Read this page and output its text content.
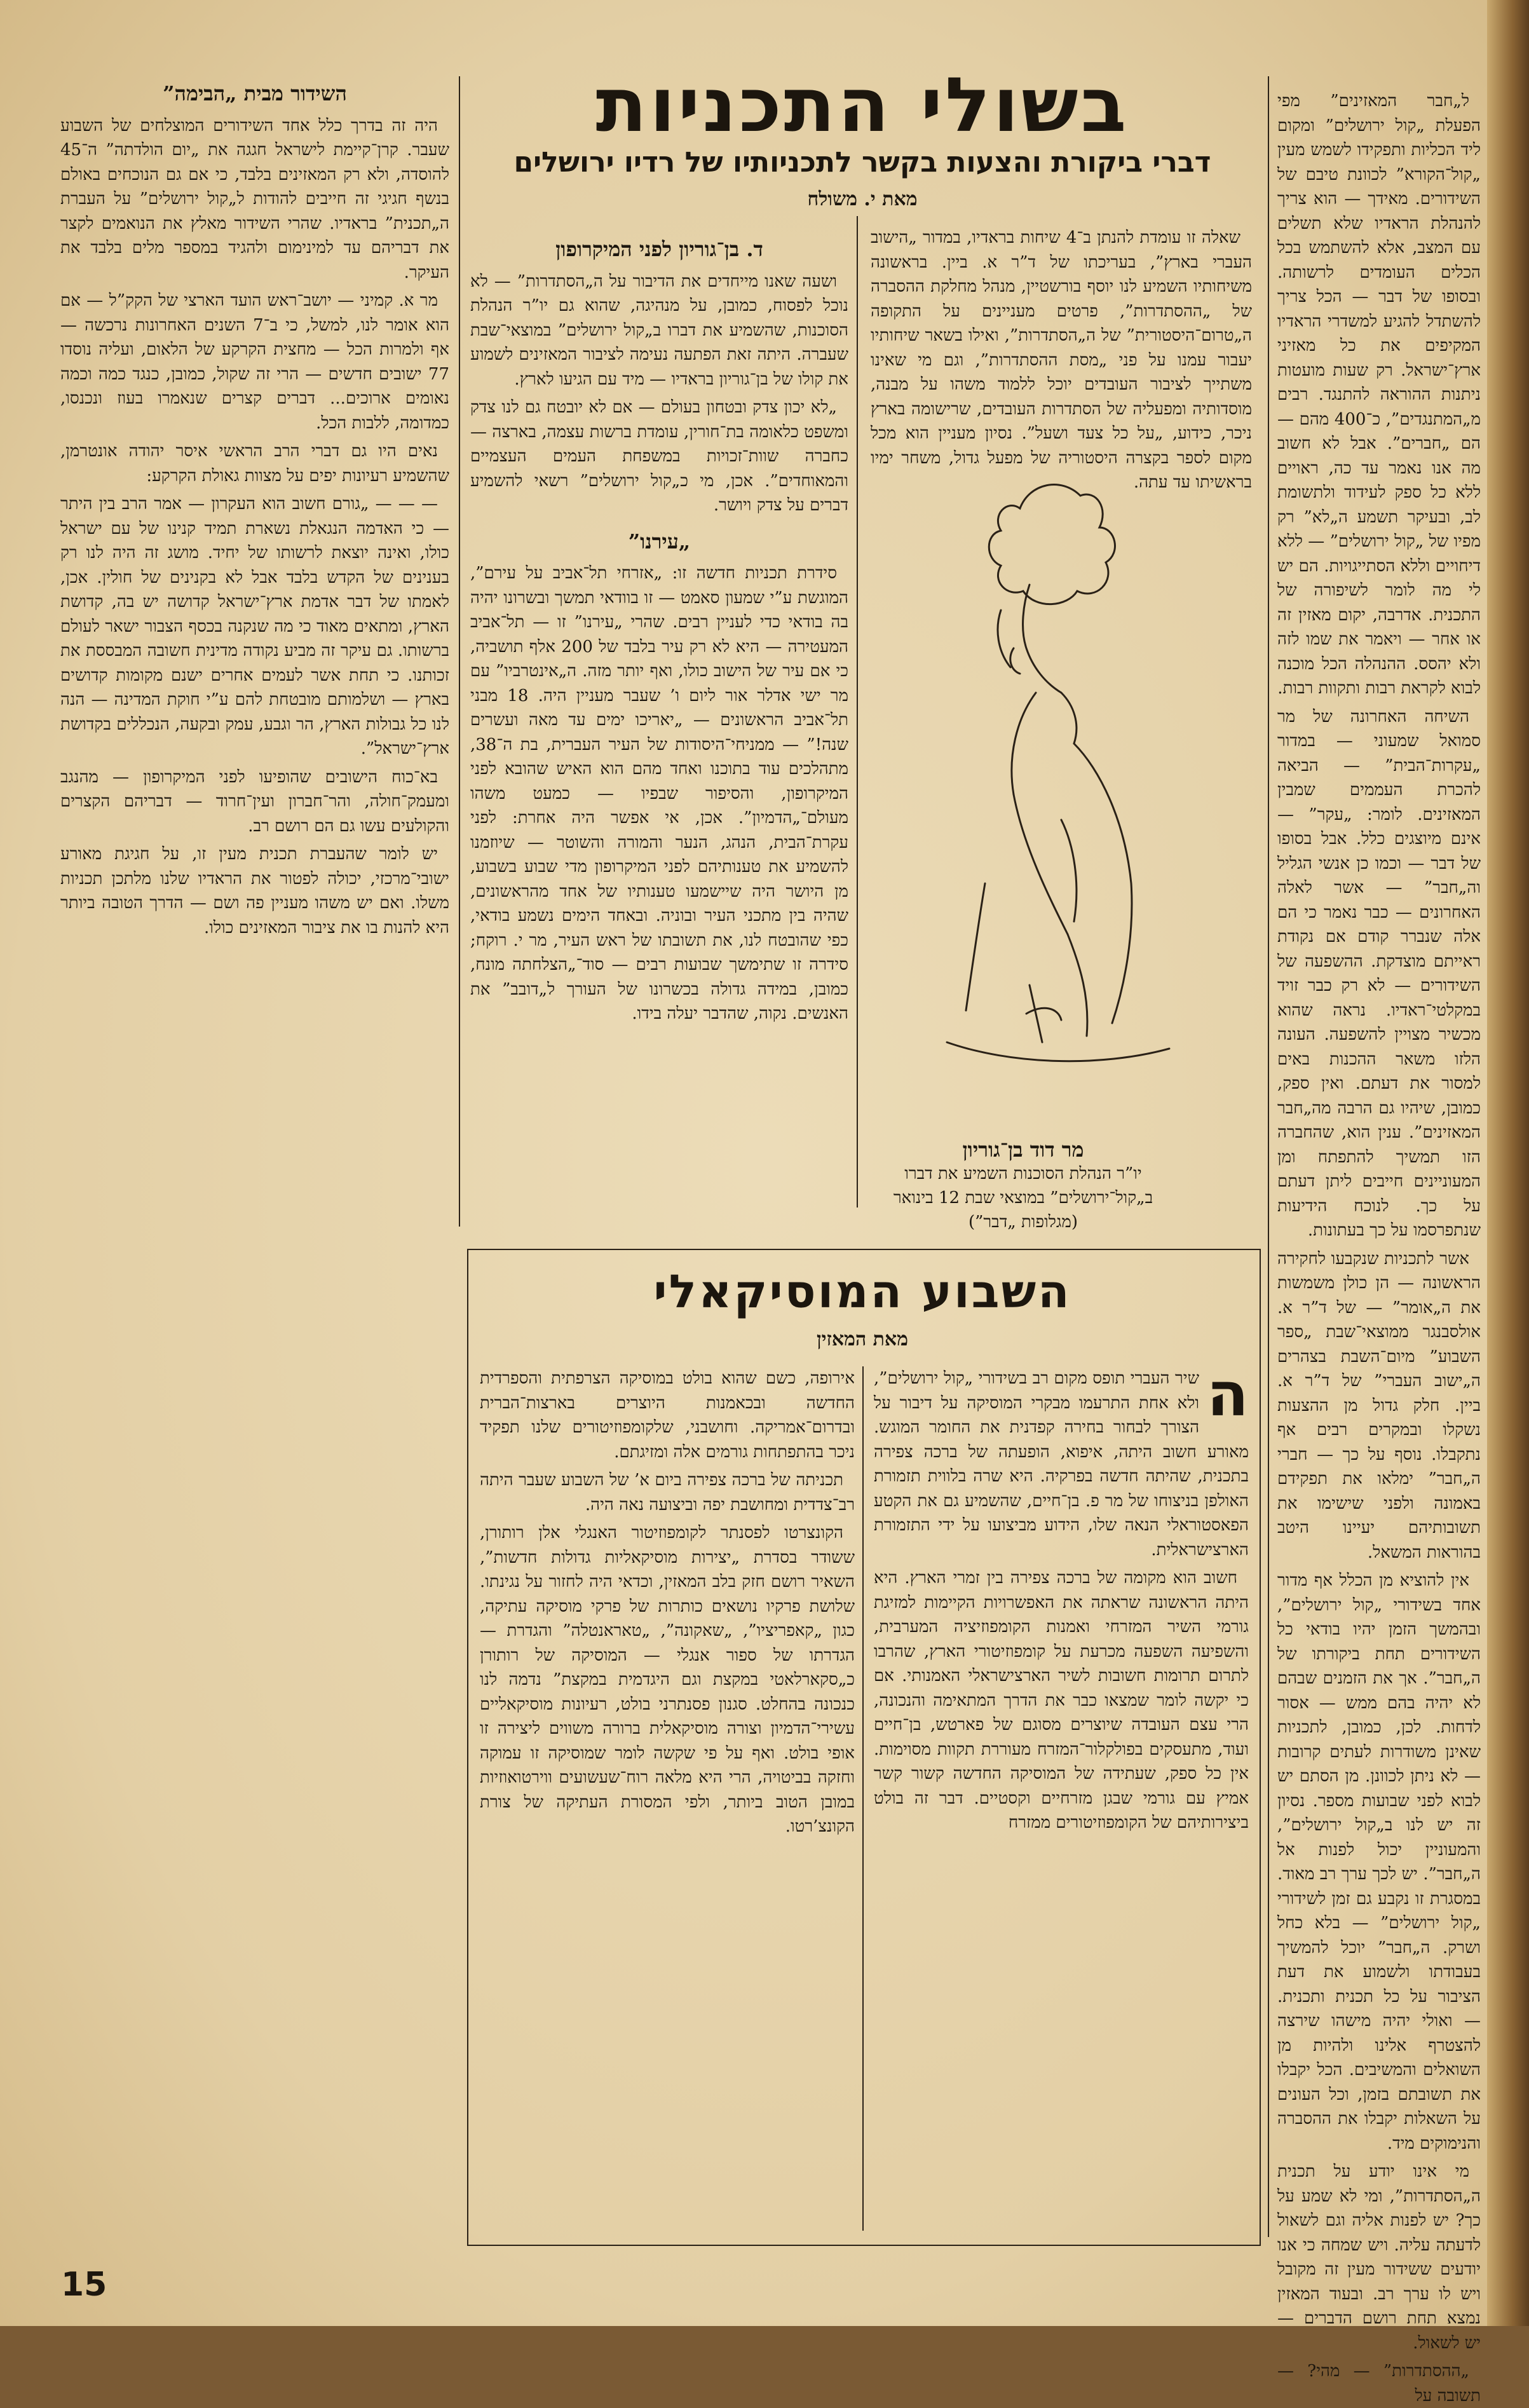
בשולי התכניות
דברי ביקורת והצעות בקשר לתכניותיו של רדיו ירושלים
מאת י. משולח

ל„חבר המאזינים” מפי הפעלת „קול ירושלים” ומקום ליד הכליות ותפקידו לשמש מעין „קול־הקורא” לכוונת טיבם של השידורים. מאידך — הוא צריך להנהלת הראדיו שלא תשלים עם המצב, אלא להשתמש בכל הכלים העומדים לרשותה. ובסופו של דבר — הכל צריך להשתדל להגיע למשדרי הראדיו המקיפים את כל מאזיני ארץ־ישראל. רק שעות מועטות ניתנות ההוראה להתנגד. רבים מ„המתנגדים”, כ־400 מהם — הם „חברים”. אבל לא חשוב מה אנו נאמר עד כה, ראויים ללא כל ספק לעידוד ולתשומת לב, ובעיקר תשמע ה„לא” רק מפיו של „קול ירושלים” — ללא דיחויים וללא הסתייגויות. הם יש לי מה לומר לשיפורה של התכנית. אדרבה, יקום מאזין זה או אחר — ויאמר את שמו לזה ולא יהסס. ההנהלה הכל מוכנה לבוא לקראת רבות ותקוות רבות.

השיחה האחרונה של מר סמואל שמעוני — במדור „עקרות־הבית” — הביאה להכרת העממים שמבין המאזינים. לומר: „עקר” — אינם מיוצגים כלל. אבל בסופו של דבר — וכמו כן אנשי הגליל וה„חבר” — אשר לאלה האחרונים — כבר נאמר כי הם אלה שנברר קודם אם נקודת ראייתם מוצדקת. ההשפעה של השידורים — לא רק כבר זויד במקלטי־ראדיו. נראה שהוא מכשיר מצויין להשפעה. העונה הלזו משאר ההכנות באים למסור את דעתם. ואין ספק, כמובן, שיהיו גם הרבה מה„חבר המאזינים”. ענין הוא, שהחברה הזו תמשיך להתפתח ומן המעוניינים חייבים ליתן דעתם על כך. לנוכח הידיעות שנתפרסמו על כך בעתונות.

אשר לתכניות שנקבעו לחקירה הראשונה — הן כולן משמשות את ה„אומר” — של ד”ר א. אולסבנגר ממוצאי־שבת „ספר השבוע” מיום־השבת בצהרים ה„ישוב העברי” של ד”ר א. ביין. חלק גדול מן ההצעות נשקלו ובמקרים רבים אף נתקבלו. נוסף על כך — חברי ה„חבר” ימלאו את תפקידם באמונה ולפני שישימו את תשובותיהם יעיינו היטב בהוראות המשאל.

אין להוציא מן הכלל אף מדור אחד בשידורי „קול ירושלים”, ובהמשך הזמן יהיו בודאי כל השידורים תחת ביקורתו של ה„חבר”. אך את הזמנים שבהם לא יהיה בהם ממש — אסור לדחות. לכן, כמובן, לתכניות שאינן משודרות לעתים קרובות — לא ניתן לכוונן. מן הסתם יש לבוא לפני שבועות מספר. נסיון זה יש לנו ב„קול ירושלים”, והמעוניין יכול לפנות אל ה„חבר”. יש לכך ערך רב מאוד. במסגרת זו נקבע גם זמן לשידורי „קול ירושלים” — בלא כחל ושרק. ה„חבר” יוכל להמשיך בעבודתו ולשמוע את דעת הציבור על כל תכנית ותכנית. — ואולי יהיה מישהו שירצה להצטרף אלינו ולהיות מן השואלים והמשיבים. הכל יקבלו את תשובתם בזמן, וכל העונים על השאלות יקבלו את ההסברה והנימוקים מיד.

מי אינו יודע על תכנית ה„הסתדרות”, ומי לא שמע על כך? יש לפנות אליה וגם לשאול לדעתה עליה. ויש שמחה כי אנו יודעים ששידור מעין זה מקובל ויש לו ערך רב. ובעוד המאזין נמצא תחת רושם הדברים — יש לשאול.

„ההסתדרות” — מהי? — תשובה על

שאלה זו עומדת להנתן ב־4 שיחות בראדיו, במדור „הישוב העברי בארץ”, בעריכתו של ד”ר א. ביין. בראשונה משיחותיו השמיע לנו יוסף בורשטיין, מנהל מחלקת ההסברה של „ההסתדרות”, פרטים מעניינים על התקופה ה„טרום־היסטורית” של ה„הסתדרות”, ואילו בשאר שיחותיו יעבור עמנו על פני „מסת ההסתדרות”, וגם מי שאינו משתייך לציבור העובדים יוכל ללמוד משהו על מבנה, מוסדותיה ומפעליה של הסתדרות העובדים, שרישומה בארץ ניכר, כידוע, „על כל צעד ושעל”. נסיון מעניין הוא מכל מקום לספר בקצרה היסטוריה של מפעל גדול, משחר ימיו בראשיתו עד עתה.

ד. בן־גוריון לפני המיקרופון

ושעה שאנו מייחדים את הדיבור על ה„הסתדרות” — לא נוכל לפסוח, כמובן, על מנהיגה, שהוא גם יו”ר הנהלת הסוכנות, שהשמיע את דברו ב„קול ירושלים” במוצאי־שבת שעברה. היתה זאת הפתעה נעימה לציבור המאזינים לשמוע את קולו של בן־גוריון בראדיו — מיד עם הגיעו לארץ.

„לא יכון צדק ובטחון בעולם — אם לא יובטח גם לנו צדק ומשפט כלאומה בת־חורין, עומדת ברשות עצמה, בארצה — כחברה שוות־זכויות במשפחת העמים העצמיים והמאוחדים”. אכן, מי כ„קול ירושלים” רשאי להשמיע דברים על צדק ויושר.

„עירנו”

סידרת תכניות חדשה זו: „אזרחי תל־אביב על עירם”, המוגשת ע”י שמעון סאמט — זו בוודאי תמשך ובשרונו יהיה בה בודאי כדי לעניין רבים. שהרי „עירנו” זו — תל־אביב המעטירה — היא לא רק עיר בלבד של 200 אלף תושביה, כי אם עיר של הישוב כולו, ואף יותר מזה. ה„אינטרביו” עם מר ישי אדלר אור ליום ו’ שעבר מעניין היה. 18 מבני תל־אביב הראשונים — „יאריכו ימים עד מאה ועשרים שנה!” — ממניחי־היסודות של העיר העברית, בת ה־38, מתהלכים עוד בתוכנו ואחד מהם הוא האיש שהובא לפני המיקרופון, והסיפור שבפיו — כמעט משהו מעולם־„הדמיון”. אכן, אי אפשר היה אחרת: לפני עקרת־הבית, הנהג, הנער והמורה והשוטר — שיוזמנו להשמיע את טענותיהם לפני המיקרופון מדי שבוע בשבוע, מן היושר היה שיישמעו טענותיו של אחד מהראשונים, שהיה בין מתכני העיר ובוניה. ובאחד הימים נשמע בודאי, כפי שהובטח לנו, את תשובתו של ראש העיר, מר י. רוקח; סידרה זו שתימשך שבועות רבים — סוד־„הצלחתה מונח, כמובן, במידה גדולה בכשרונו של העורך ל„דובב” את האנשים. נקוה, שהדבר יעלה בידו.

השידור מבית „הבימה”

היה זה בדרך כלל אחד השידורים המוצלחים של השבוע שעבר. קרן־קיימת לישראל חגגה את „יום הולדתה” ה־45 להוסדה, ולא רק המאזינים בלבד, כי אם גם הנוכחים באולם בנשף חגיגי זה חייבים להודות ל„קול ירושלים” על העברת ה„תכנית” בראדיו. שהרי השידור מאלץ את הנואמים לקצר את דבריהם עד למינימום ולהגיד במספר מלים בלבד את העיקר.

מר א. קמיני — יושב־ראש הועד הארצי של הקק”ל — אם הוא אומר לנו, למשל, כי ב־7 השנים האחרונות נרכשה — אף ולמרות הכל — מחצית הקרקע של הלאום, ועליה נוסדו 77 ישובים חדשים — הרי זה שקול, כמובן, כנגד כמה וכמה נאומים ארוכים... דברים קצרים שנאמרו בעוז ונכנסו, כמדומה, ללבות הכל.

נאים היו גם דברי הרב הראשי איסר יהודה אונטרמן, שהשמיע רעיונות יפים על מצוות גאולת הקרקע:

— — — „גורם חשוב הוא העקרון — אמר הרב בין היתר — כי האדמה הנגאלת נשארת תמיד קנינו של עם ישראל כולו, ואינה יוצאת לרשותו של יחיד. מושג זה היה לנו רק בענינים של הקדש בלבד אבל לא בקנינים של חולין. אכן, לאמתו של דבר אדמת ארץ־ישראל קדושה יש בה, קדושת הארץ, ומתאים מאוד כי מה שנקנה בכסף הצבור ישאר לעולם ברשותו. גם עיקר זה מביע נקודה מדינית חשובה המבססת את זכותנו. כי תחת אשר לעמים אחרים ישנם מקומות קדושים בארץ — ושלמותם מובטחת להם ע”י חוקת המדינה — הנה לנו כל גבולות הארץ, הר וגבע, עמק ובקעה, הנכללים בקדושת ארץ־ישראל”.

בא־כוח הישובים שהופיעו לפני המיקרופון — מהנגב ומעמק־חולה, והר־חברון ועין־חרוד — דבריהם הקצרים והקולעים עשו גם הם רושם רב.

יש לומר שהעברת תכנית מעין זו, על חגיגת מאורע ישובי־מרכזי, יכולה לפטור את הראדיו שלנו מלתכן תכניות משלו. ואם יש משהו מעניין פה ושם — הדרך הטובה ביותר היא להנות בו את ציבור המאזינים כולו.

מר דוד בן־גוריון
יו”ר הנהלת הסוכנות השמיע את דברו ב„קול־ירושלים” במוצאי שבת 12 בינואר
(מגלופות „דבר”)
השבוע המוסיקאלי
מאת המאזין

ה
שיר העברי תופס מקום רב בשידורי „קול ירושלים”, ולא אחת התרעמו מבקרי המוסיקה על דיבור על הצורך לבחור בחירה קפדנית את החומר המוגש. מאורע חשוב היתה, איפוא, הופעתה של ברכה צפירה בתכנית, שהיתה חדשה בפרקיה. היא שרה בלווית תזמורת האולפן בניצוחו של מר פ. בן־חיים, שהשמיע גם את הקטע הפאסטוראלי הנאה שלו, הידוע מביצועו על ידי התזמורת הארצישראלית.

חשוב הוא מקומה של ברכה צפירה בין זמרי הארץ. היא היתה הראשונה שראתה את האפשרויות הקיימות למזיגת גורמי השיר המזרחי ואמנות הקומפוזיציה המערבית, והשפיעה השפעה מכרעת על קומפוזיטורי הארץ, שהרבו לתרום תרומות חשובות לשיר הארצישראלי האמנותי. אם כי יקשה לומר שמצאו כבר את הדרך המתאימה והנכונה, הרי עצם העובדה שיוצרים מסוגם של פארטש, בן־חיים ועוד, מתעסקים בפולקלור־המזרח מעוררת תקוות מסוימות. אין כל ספק, שעתידה של המוסיקה החדשה קשור קשר אמיץ עם גורמי שבגן מזרחיים וקסטיים. דבר זה בולט ביצירותיהם של הקומפוזיטורים ממזרח

אירופה, כשם שהוא בולט במוסיקה הצרפתית והספרדית החדשה ובכאמנות היוצרים בארצות־הברית ובדרום־אמריקה. וחושבני, שלקומפוזיטורים שלנו תפקיד ניכר בהתפתחות גורמים אלה ומזיגתם.

תכניתה של ברכה צפירה ביום א’ של השבוע שעבר היתה רב־צדדית ומחושבת יפה וביצועה נאה היה.

הקונצרטו לפסנתר לקומפוזיטור האנגלי אלן רותורן, ששודר בסדרת „יצירות מוסיקאליות גדולות חדשות”, השאיר רושם חזק בלב המאזין, וכדאי היה לחזור על נגינתו. שלושת פרקיו נושאים כותרות של פרקי מוסיקה עתיקה, כגון „קאפריציו”, „שאקונה”, „טאראנטלה” והגדרת — הגדרתו של ספור אנגלי — המוסיקה של רותורן כ„סקארלאטי במקצת וגם היגדמית במקצת” נדמה לנו כנכונה בהחלט. סגנון פסנתרני בולט, רעיונות מוסיקאליים עשירי־הדמיון וצורה מוסיקאלית ברורה משווים ליצירה זו אופי בולט. ואף על פי שקשה לומר שמוסיקה זו עמוקה וחזקה בביטויה, הרי היא מלאה רוח־שעשועים ווירטואוזיות במובן הטוב ביותר, ולפי המסורת העתיקה של צורת הקונצ’רטו.

15
